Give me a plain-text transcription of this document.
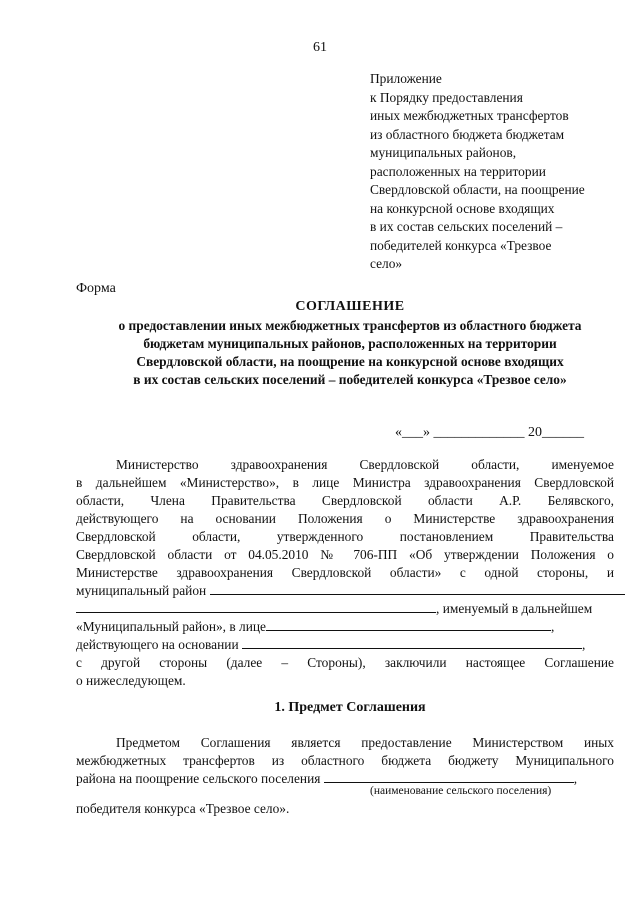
61
Приложение
к Порядку предоставления
иных межбюджетных трансфертов
из областного бюджета бюджетам
муниципальных районов,
расположенных на территории
Свердловской области, на поощрение
на конкурсной основе входящих
в их состав сельских поселений –
победителей конкурса «Трезвое
село»
Форма
СОГЛАШЕНИЕ
о предоставлении иных межбюджетных трансфертов из областного бюджета
бюджетам муниципальных районов, расположенных на территории
Свердловской области, на поощрение на конкурсной основе входящих
в их состав сельских поселений – победителей конкурса «Трезвое село»
«___» _____________ 20______
Министерство здравоохранения Свердловской области, именуемое
в дальнейшем «Министерство», в лице Министра здравоохранения Свердловской
области, Члена Правительства Свердловской области А.Р. Белявского,
действующего на основании Положения о Министерстве здравоохранения
Свердловской области, утвержденного постановлением Правительства
Свердловской области от 04.05.2010 № 706-ПП «Об утверждении Положения о
Министерстве здравоохранения Свердловской области» с одной стороны, и
муниципальный район
, именуемый в дальнейшем
«Муниципальный район», в лице	,
действующего на основании	,
с другой стороны (далее – Стороны), заключили настоящее Соглашение
о нижеследующем.
1. Предмет Соглашения
Предметом Соглашения является предоставление Министерством иных
межбюджетных трансфертов из областного бюджета бюджету Муниципального
района на поощрение сельского поселения	,
(наименование сельского поселения)
победителя конкурса «Трезвое село».
